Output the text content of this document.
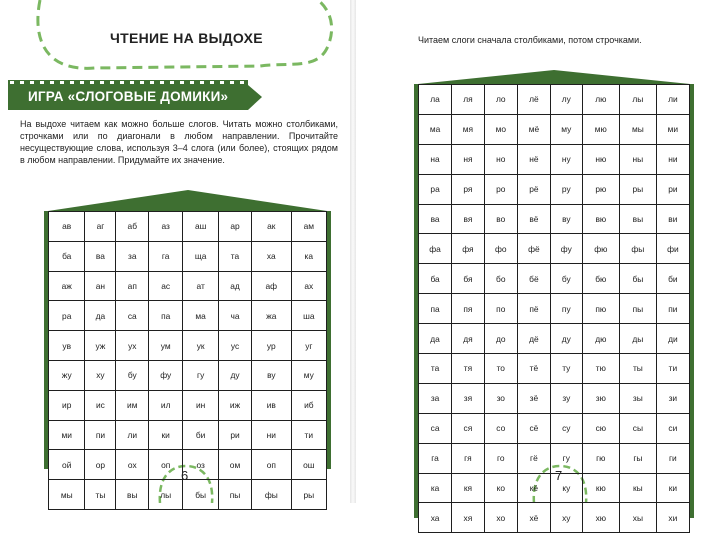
ЧТЕНИЕ НА ВЫДОХЕ
ИГРА «СЛОГОВЫЕ ДОМИКИ»
На выдохе читаем как можно больше слогов. Читать можно столбиками, строчками или по диагонали в любом направлении. Прочитайте несуществующие слова, используя 3–4 слога (или более), стоящих рядом в любом направлении. Придумайте их значение.
ав	аг	аб	аз	аш	ар	ак	ам
ба	ва	за	га	ща	та	ха	ка
аж	ан	ап	ас	ат	ад	аф	ах
ра	да	са	па	ма	ча	жа	ша
ув	уж	ух	ум	ук	ус	ур	уг
жу	ху	бу	фу	гу	ду	ву	му
ир	ис	им	ил	ин	иж	ив	иб
ми	пи	ли	ки	би	ри	ни	ти
ой	ор	ох	оп	оз	ом	оп	ош
мы	ты	вы	лы	бы	пы	фы	ры
6
Читаем слоги сначала столбиками, потом строчками.
ла	ля	ло	лё	лу	лю	лы	ли
ма	мя	мо	мё	му	мю	мы	ми
на	ня	но	нё	ну	ню	ны	ни
ра	ря	ро	рё	ру	рю	ры	ри
ва	вя	во	вё	ву	вю	вы	ви
фа	фя	фо	фё	фу	фю	фы	фи
ба	бя	бо	бё	бу	бю	бы	би
па	пя	по	пё	пу	пю	пы	пи
да	дя	до	дё	ду	дю	ды	ди
та	тя	то	тё	ту	тю	ты	ти
за	зя	зо	зё	зу	зю	зы	зи
са	ся	со	сё	су	сю	сы	си
га	гя	го	гё	гу	гю	гы	ги
ка	кя	ко	кё	ку	кю	кы	ки
ха	хя	хо	хё	ху	хю	хы	хи
7
